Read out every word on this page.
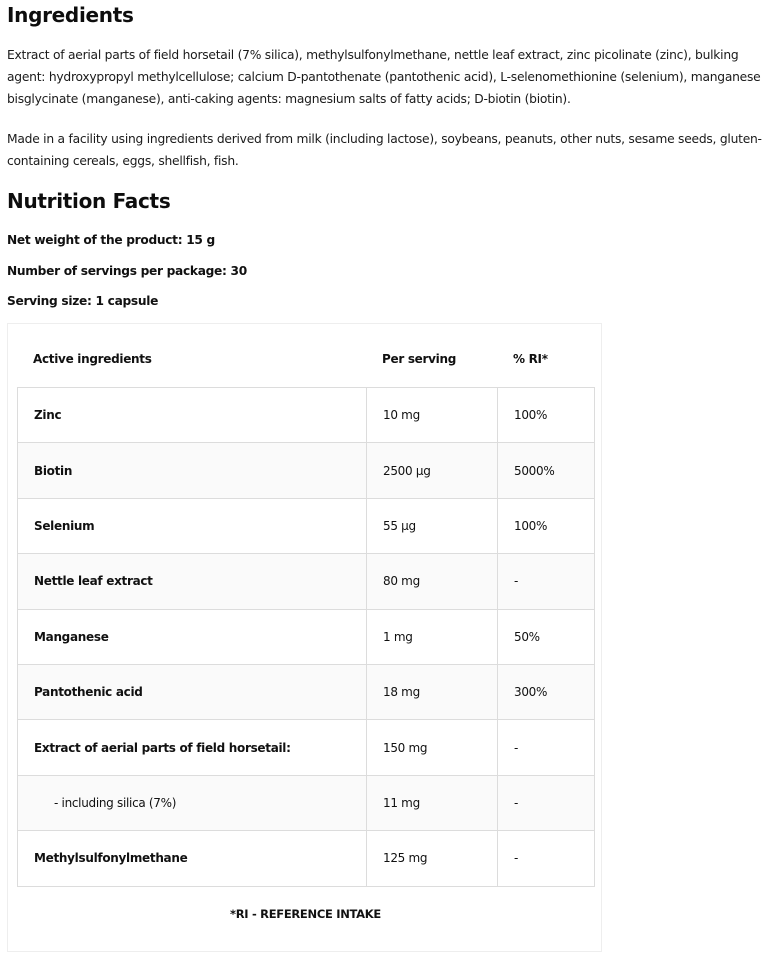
Ingredients

Extract of aerial parts of field horsetail (7% silica), methylsulfonylmethane, nettle leaf extract, zinc picolinate (zinc), bulking agent: hydroxypropyl methylcellulose; calcium D-pantothenate (pantothenic acid), L-selenomethionine (selenium), manganese bisglycinate (manganese), anti-caking agents: magnesium salts of fatty acids; D-biotin (biotin).

Made in a facility using ingredients derived from milk (including lactose), soybeans, peanuts, other nuts, sesame seeds, gluten-containing cereals, eggs, shellfish, fish.

Nutrition Facts

Net weight of the product: 15 g

Number of servings per package: 30

Serving size: 1 capsule

Active ingredients	Per serving	% RI*
Zinc	10 mg	100%
Biotin	2500 µg	5000%
Selenium	55 µg	100%
Nettle leaf extract	80 mg	-
Manganese	1 mg	50%
Pantothenic acid	18 mg	300%
Extract of aerial parts of field horsetail:	150 mg	-
- including silica (7%)	11 mg	-
Methylsulfonylmethane	125 mg	-

*RI - REFERENCE INTAKE
